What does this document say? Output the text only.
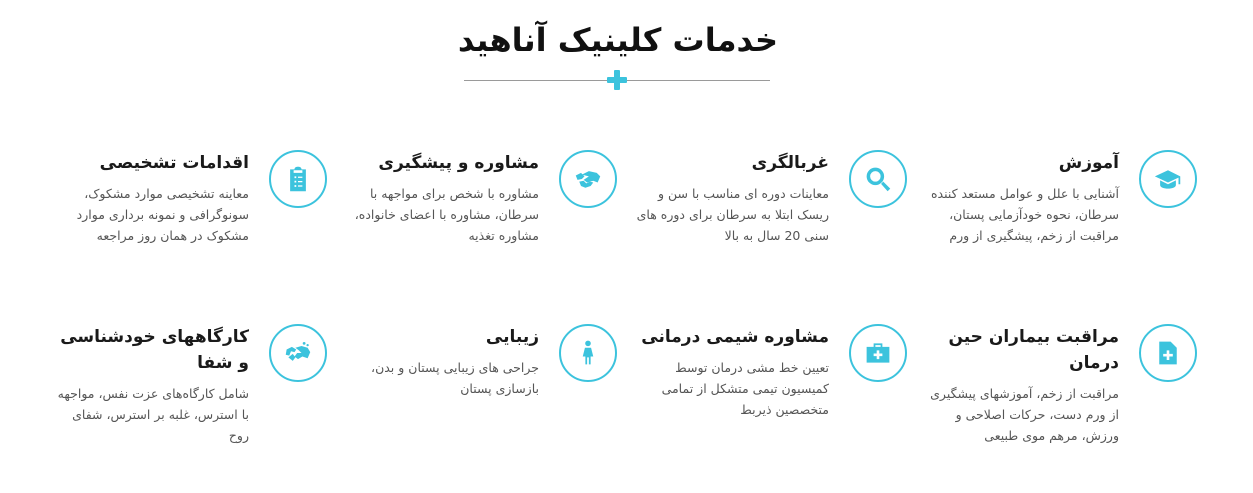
خدمات کلینیک آناهید
آموزش

آشنایی با علل و عوامل مستعد کننده سرطان، نحوه خودآزمایی پستان، مراقبت از زخم، پیشگیری از ورم

غربالگری

معاینات دوره ای مناسب با سن و ریسک ابتلا به سرطان برای دوره های سنی 20 سال به بالا

مشاوره و پیشگیری

مشاوره با شخص برای مواجهه با سرطان، مشاوره با اعضای خانواده، مشاوره تغذیه

اقدامات تشخیصی

معاینه تشخیصی موارد مشکوک، سونوگرافی و نمونه برداری موارد مشکوک در همان روز مراجعه

مراقبت بیماران حین درمان

مراقبت از زخم، آموزشهای پیشگیری از ورم دست، حرکات اصلاحی و ورزش، مرهم موی طبیعی

مشاوره شیمی درمانی

تعیین خط مشی درمان توسط کمیسیون تیمی متشکل از تمامی متخصصین ذیربط

زیبایی

جراحی های زیبایی پستان و بدن، بازسازی پستان

کارگاههای خودشناسی و شفا

شامل کارگاه‌های عزت نفس، مواجهه با استرس، غلبه بر استرس، شفای روح
